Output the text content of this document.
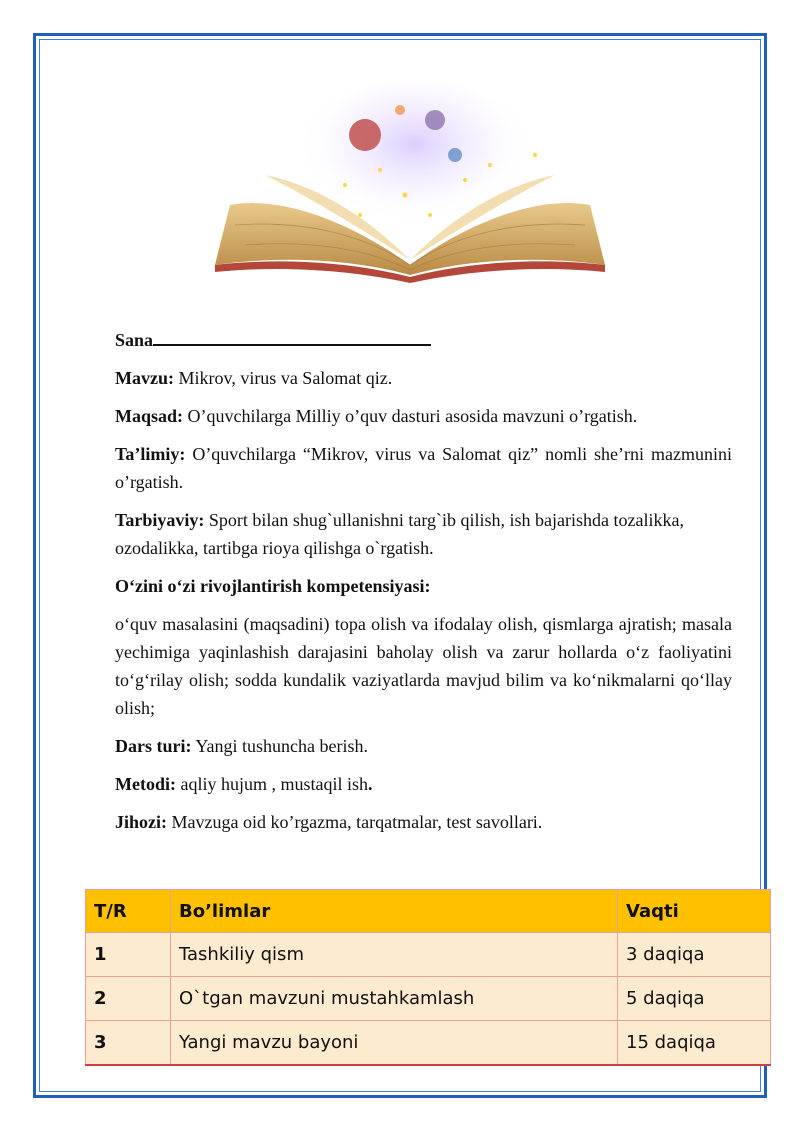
Sana

Mavzu: Mikrov, virus va Salomat qiz.

Maqsad: O’quvchilarga Milliy o’quv dasturi asosida mavzuni o’rgatish.

Ta’limiy: O’quvchilarga “Mikrov, virus va Salomat qiz” nomli she’rni mazmunini o’rgatish.

Tarbiyaviy: Sport bilan shug`ullanishni targ`ib qilish, ish bajarishda tozalikka, ozodalikka, tartibga rioya qilishga o`rgatish.

O‘zini o‘zi rivojlantirish kompetensiyasi:

o‘quv masalasini (maqsadini) topa olish va ifodalay olish, qismlarga ajratish; masala yechimiga yaqinlashish darajasini baholay olish va zarur hollarda o‘z faoliyatini to‘g‘rilay olish; sodda kundalik vaziyatlarda mavjud bilim va ko‘nikmalarni qo‘llay olish;

Dars turi: Yangi tushuncha berish.

Metodi: aqliy hujum , mustaqil ish.

Jihozi: Mavzuga oid ko’rgazma, tarqatmalar, test savollari.

T/R	Bo’limlar	Vaqti
1	Tashkiliy qism	3 daqiqa
2	O`tgan mavzuni mustahkamlash	5 daqiqa
3	Yangi mavzu bayoni	15 daqiqa
